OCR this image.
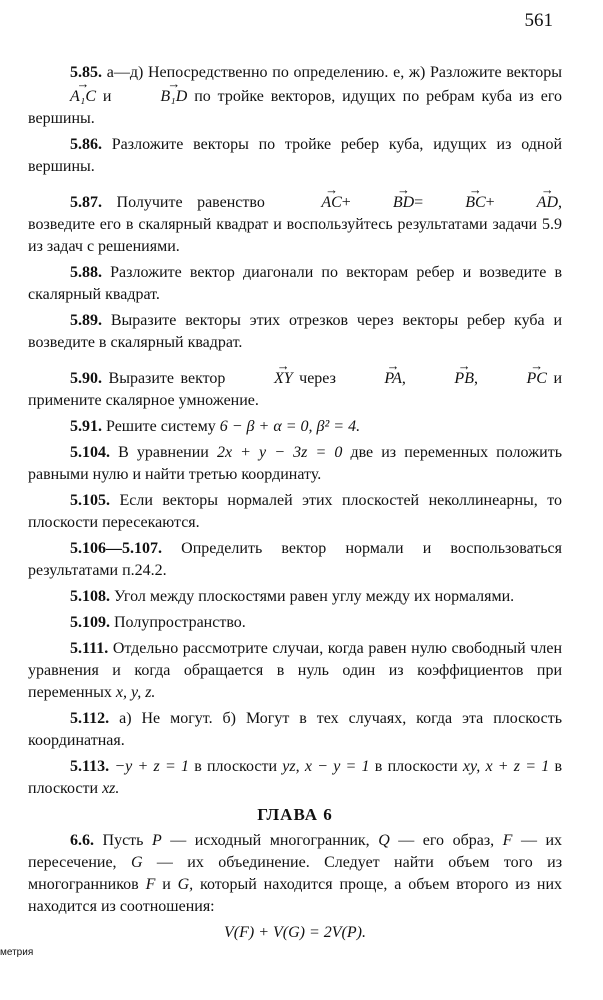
561

5.85. а—д) Непосредственно по определению. е, ж) Разложите векторы → A₁C и	→ B₁D по тройке векторов, идущих по ребрам куба из его вершины.

5.86. Разложите векторы по тройке ребер куба, идущих из одной вершины.

5.87. Получите равенство	→ AC+	→ BD=	→ BC+	→ AD, возведите его в скалярный квадрат и воспользуйтесь результатами задачи 5.9 из задач с решениями.

5.88. Разложите вектор диагонали по векторам ребер и возведите в скалярный квадрат.

5.89. Выразите векторы этих отрезков через векторы ребер куба и возведите в скалярный квадрат.

5.90. Выразите вектор	→ XY через	→ PA,	→ PB,	→ PC и примените скалярное умножение.

5.91. Решите систему 6 − β + α = 0, β² = 4.

5.104. В уравнении 2x + y − 3z = 0 две из переменных положить равными нулю и найти третью координату.

5.105. Если векторы нормалей этих плоскостей неколлинеарны, то плоскости пересекаются.

5.106—5.107. Определить вектор нормали и воспользоваться результатами п.24.2.

5.108. Угол между плоскостями равен углу между их нормалями.

5.109. Полупространство.

5.111. Отдельно рассмотрите случаи, когда равен нулю свободный член уравнения и когда обращается в нуль один из коэффициентов при переменных x, y, z.

5.112. а) Не могут. б) Могут в тех случаях, когда эта плоскость координатная.

5.113. −y + z = 1 в плоскости yz, x − y = 1 в плоскости xy, x + z = 1 в плоскости xz.

ГЛАВА 6

6.6. Пусть P — исходный многогранник, Q — его образ, F — их пересечение, G — их объединение. Следует найти объем того из многогранников F и G, который находится проще, а объем второго из них находится из соотношения:

V(F) + V(G) = 2V(P).

метрия
